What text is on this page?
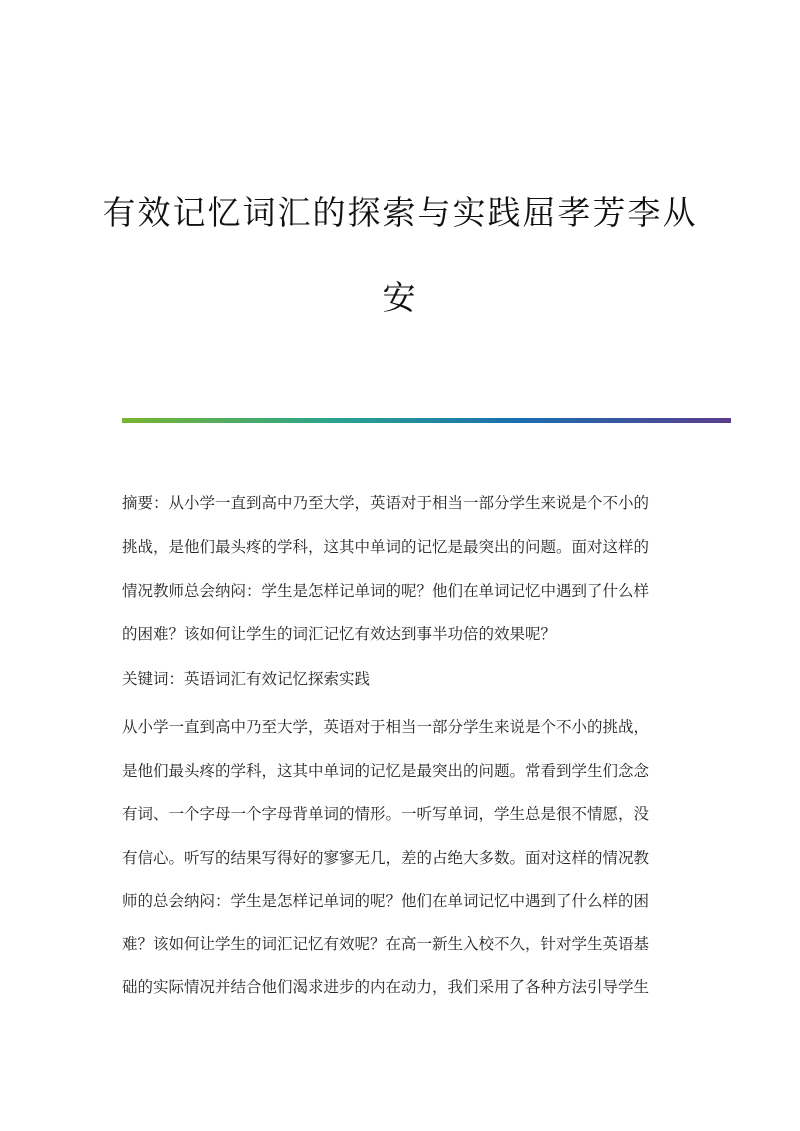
有效记忆词汇的探索与实践屈孝芳李从
安
摘要：从小学一直到高中乃至大学，英语对于相当一部分学生来说是个不小的
挑战，是他们最头疼的学科，这其中单词的记忆是最突出的问题。面对这样的
情况教师总会纳闷：学生是怎样记单词的呢？他们在单词记忆中遇到了什么样
的困难？该如何让学生的词汇记忆有效达到事半功倍的效果呢？
关键词：英语词汇有效记忆探索实践
从小学一直到高中乃至大学，英语对于相当一部分学生来说是个不小的挑战，
是他们最头疼的学科，这其中单词的记忆是最突出的问题。常看到学生们念念
有词、一个字母一个字母背单词的情形。一听写单词，学生总是很不情愿，没
有信心。听写的结果写得好的寥寥无几，差的占绝大多数。面对这样的情况教
师的总会纳闷：学生是怎样记单词的呢？他们在单词记忆中遇到了什么样的困
难？该如何让学生的词汇记忆有效呢？在高一新生入校不久，针对学生英语基
础的实际情况并结合他们渴求进步的内在动力，我们采用了各种方法引导学生
